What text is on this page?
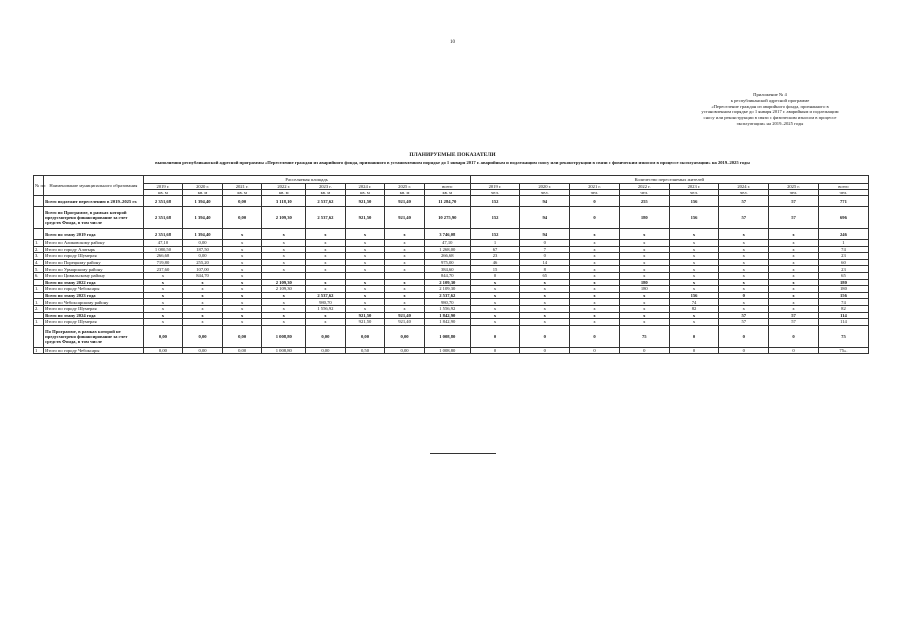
10
Приложение № 4
к республиканской адресной программе
«Переселение граждан из аварийного фонда, признанного в
установленном порядке до 1 января 2017 г. аварийным и подлежащим
сносу или реконструкции в связи с физическим износом в процессе
эксплуатации» на 2019–2025 годы
ПЛАНИРУЕМЫЕ ПОКАЗАТЕЛИ
выполнения республиканской адресной программы «Переселение граждан из аварийного фонда, признанного в установленном порядке до 1 января 2017 г. аварийным и подлежащим сносу или реконструкции в связи с физическим износом в процессе эксплуатации» на 2019–2025 годы
№ пп	Наименование муниципального образования	Расселяемая площадь								Количество переселяемых жителей							
		2019 г.	2020 г.	2021 г.	2022 г.	2023 г.	2024 г.	2025 г.	всего	2019 г.	2020 г.	2021 г.	2022 г.	2023 г.	2024 г.	2025 г.	всего
		кв. м	кв. м	кв. м	кв. м	кв. м	кв. м	кв. м	кв. м	чел.	чел.	чел.	чел.	чел.	чел.	чел.	чел.
	Всего подлежит переселению в 2019–2025 гг.	2 351,68	1 394,40	0,00	3 118,10	2 537,62	921,50	921,40	11 284,70	152	94	0	255	156	57	57	771
	Всего по Программе, в рамках которой предусмотрено финансирование за счет средств Фонда, в том числе	2 351,68	1 394,40	0,00	2 109,30	2 537,62	921,50	921,40	10 275,90	152	94	0	180	156	57	57	696
	Всего по этапу 2019 года	2 351,68	1 394,40	x	x	x	x	x	3 746,08	152	94	x	x	x	x	x	246
1.	Итого по Аликовскому району	47,10	0,00	x	x	x	x	x	47,10	1	0	x	x	x	x	x	1
2.	Итого по городу Алатырь	1 080,50	187,50	x	x	x	x	x	1 268,00	67	7	x	x	x	x	x	74
3.	Итого по городу Шумерля	266,68	0,00	x	x	x	x	x	266,68	23	0	x	x	x	x	x	23
4.	Итого по Порецкому району	719,80	255,20	x	x	x	x	x	975,00	46	14	x	x	x	x	x	60
5.	Итого по Урмарскому району	237,60	107,00	x	x	x	x	x	384,60	15	8	x	x	x	x	x	23
6.	Итого по Цивильскому району	x	844,70	x					844,70	0	65	x	x	x	x	x	65
	Всего по этапу 2022 года	x	x	x	2 109,30	x	x	x	2 109,30	x	x	x	180	x	x	x	180
1.	Итого по городу Чебоксары	x	x	x	2 109,30	x	x	x	2 109,30	x	x	x	180	x	x	x	180
	Всего по этапу 2023 года	x	x	x	x	2 537,62	x	x	2 537,62	x	x	x	x	156	0	x	156
1.	Итого по Чебоксарскому району	x	x	x	x	980,70	x	x	980,70	x	x	x	x	74	x	x	74
2.	Итого по городу Шумерля	x	x	x	x	1 556,92	x	x	1 556,92	x	x	x	x	82	x	x	82
	Всего по этапу 2024 года	x	x	x	x	x	921,50	921,40	1 842,90	x	x	x	x	x	57	57	114
1.	Итого по городу Шумерля	x	x	x	x	x	921,50	921,40	1 842,90	x	x	x	x	x	57	57	114
	По Программе, в рамках которой не предусмотрено финансирование за счет средств Фонда, в том числе	0,00	0,00	0,00	1 008,80	0,00	0,00	0,00	1 008,80	0	0	0	75	0	0	0	75
1	Итого по городу Чебоксары	0,00	0,00	0,00	1 008,80	0,00	0,50	0,00	1 008,80	0	0	0	0	0	0	0	75».
